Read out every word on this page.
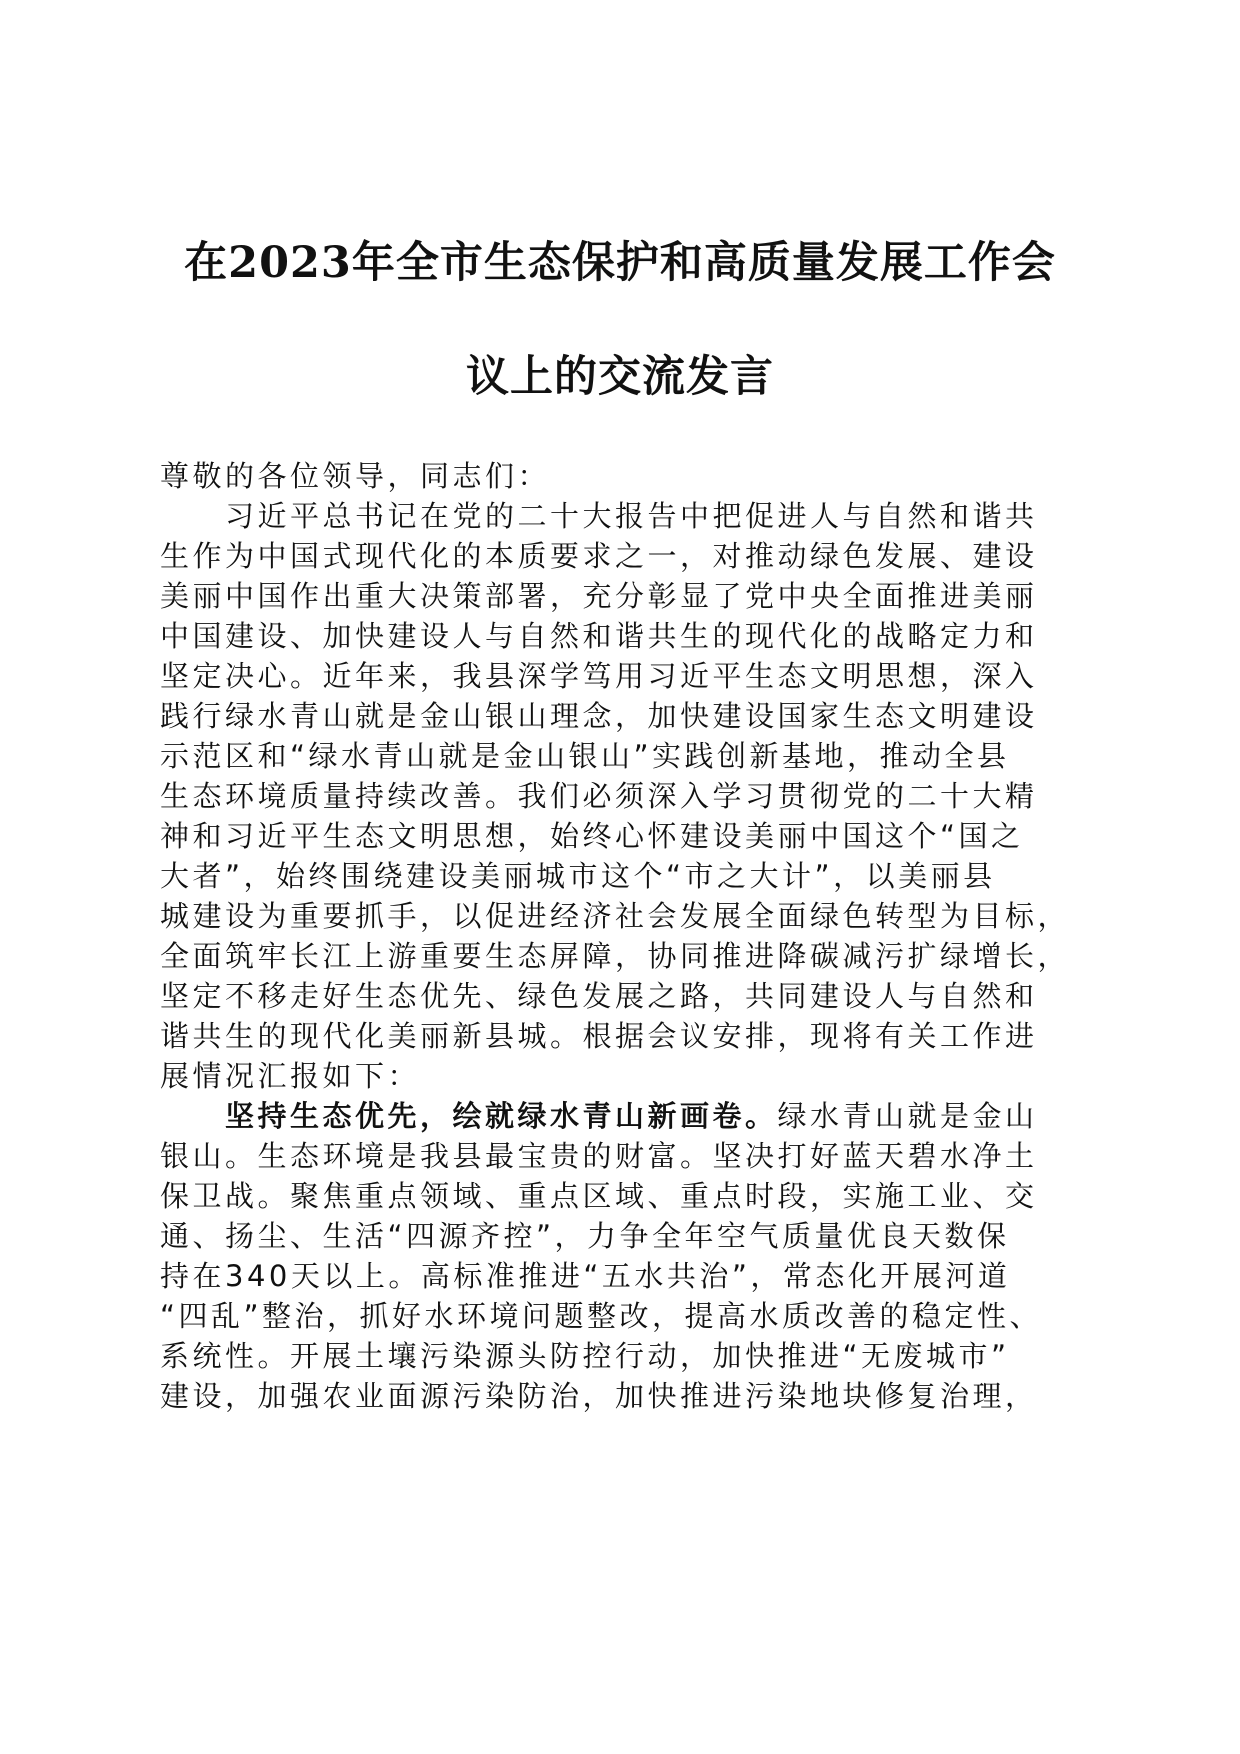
在2023年全市生态保护和高质量发展工作会
议上的交流发言
尊敬的各位领导，同志们：
　　习近平总书记在党的二十大报告中把促进人与自然和谐共
生作为中国式现代化的本质要求之一，对推动绿色发展、建设
美丽中国作出重大决策部署，充分彰显了党中央全面推进美丽
中国建设、加快建设人与自然和谐共生的现代化的战略定力和
坚定决心。近年来，我县深学笃用习近平生态文明思想，深入
践行绿水青山就是金山银山理念，加快建设国家生态文明建设
示范区和“绿水青山就是金山银山”实践创新基地，推动全县
生态环境质量持续改善。我们必须深入学习贯彻党的二十大精
神和习近平生态文明思想，始终心怀建设美丽中国这个“国之
大者”，始终围绕建设美丽城市这个“市之大计”，以美丽县
城建设为重要抓手，以促进经济社会发展全面绿色转型为目标，
全面筑牢长江上游重要生态屏障，协同推进降碳减污扩绿增长，
坚定不移走好生态优先、绿色发展之路，共同建设人与自然和
谐共生的现代化美丽新县城。根据会议安排，现将有关工作进
展情况汇报如下：
　　坚持生态优先，绘就绿水青山新画卷。绿水青山就是金山
银山。生态环境是我县最宝贵的财富。坚决打好蓝天碧水净土
保卫战。聚焦重点领域、重点区域、重点时段，实施工业、交
通、扬尘、生活“四源齐控”，力争全年空气质量优良天数保
持在340天以上。高标准推进“五水共治”，常态化开展河道
“四乱”整治，抓好水环境问题整改，提高水质改善的稳定性、
系统性。开展土壤污染源头防控行动，加快推进“无废城市”
建设，加强农业面源污染防治，加快推进污染地块修复治理，
